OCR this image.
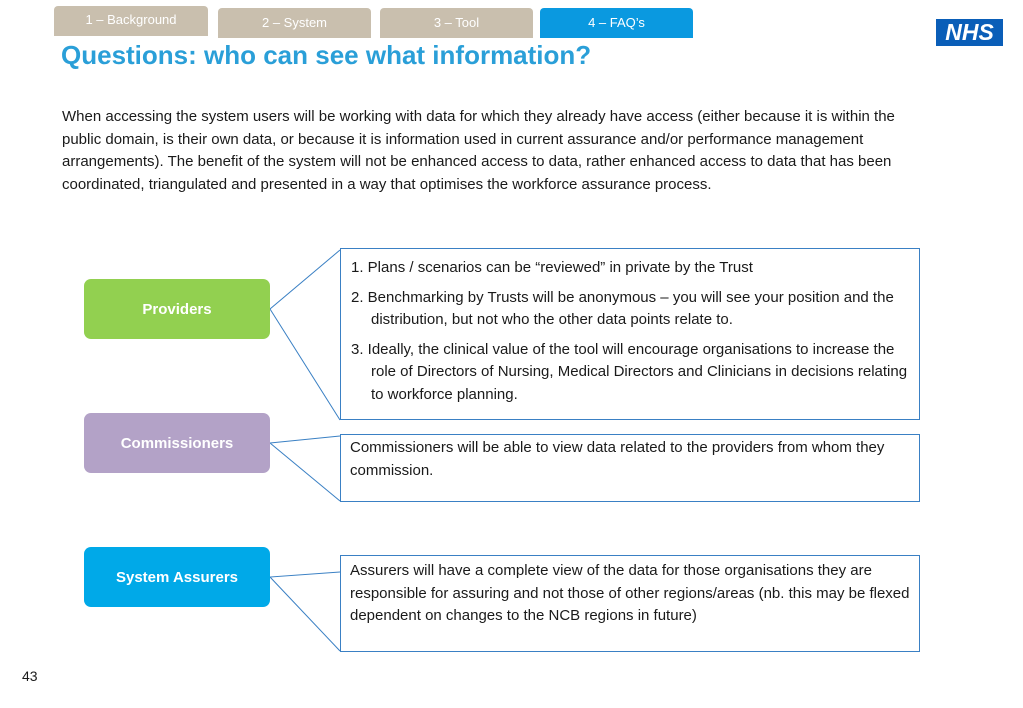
1 – Background	2 – System	3 – Tool	4 – FAQ’s	NHS
Questions: who can see what information?

When accessing the system users will be working with data for which they already have access (either because it is within the public domain, is their own data, or because it is information used in current assurance and/or performance management arrangements). The benefit of the system will not be enhanced access to data, rather enhanced access to data that has been coordinated, triangulated and presented in a way that optimises the workforce assurance process.

Providers
Commissioners
System Assurers
1. Plans / scenarios can be “reviewed” in private by the Trust
2. Benchmarking by Trusts will be anonymous – you will see your position and the distribution, but not who the other data points relate to.
3. Ideally, the clinical value of the tool will encourage organisations to increase the role of Directors of Nursing, Medical Directors and Clinicians in decisions relating to workforce planning.

Commissioners will be able to view data related to the providers from whom they commission.

Assurers will have a complete view of the data for those organisations they are responsible for assuring and not those of other regions/areas (nb. this may be flexed dependent on changes to the NCB regions in future)

43
